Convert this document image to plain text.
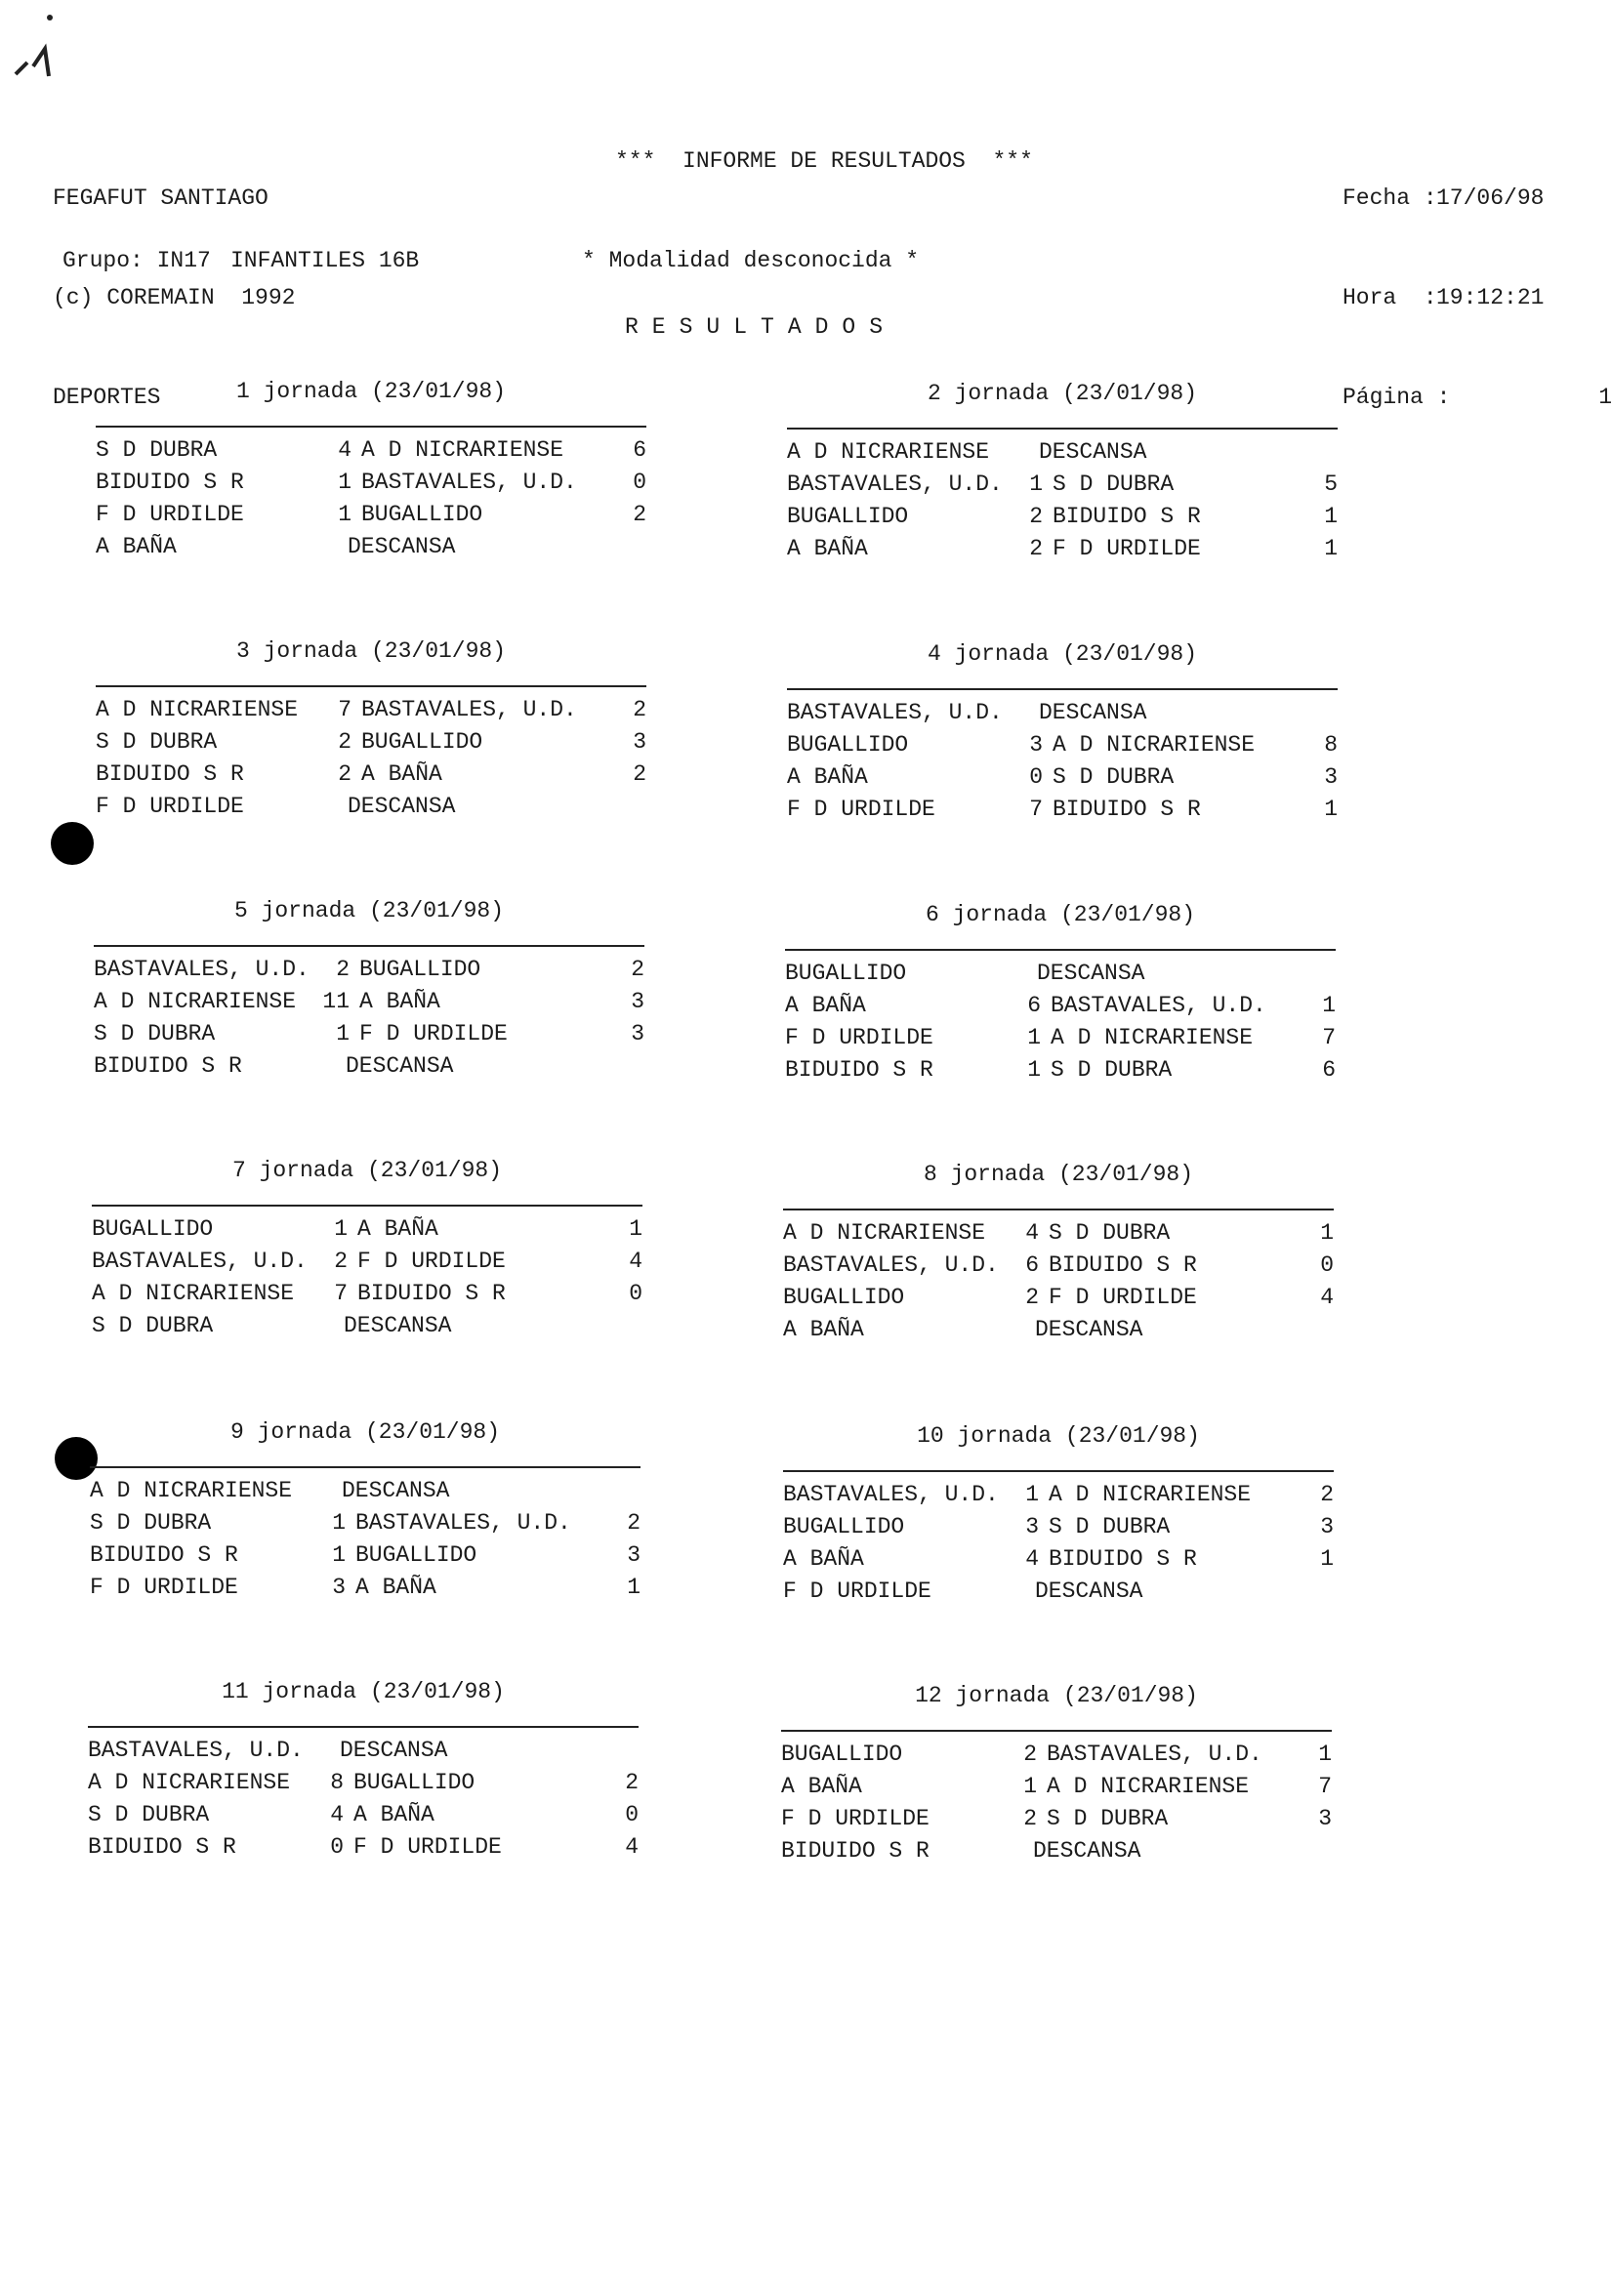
FEGAFUT SANTIAGO

(c) COREMAIN  1992

DEPORTES

***  INFORME DE RESULTADOS  ***

Fecha : 17/06/98

Hora  : 19:12:21

Página :	1

Grupo: IN17 INFANTILES 16B	* Modalidad desconocida *
RESULTADOS
1 jornada (23/01/98)
S D DUBRA	4 A D NICRARIENSE	6
BIDUIDO S R	1 BASTAVALES, U.D.	0
F D URDILDE	1 BUGALLIDO	2
A BAÑA	DESCANSA
2 jornada (23/01/98)
A D NICRARIENSE DESCANSA
BASTAVALES, U.D.	1 S D DUBRA	5
BUGALLIDO	2 BIDUIDO S R	1
A BAÑA	2 F D URDILDE	1
3 jornada (23/01/98)
A D NICRARIENSE	7 BASTAVALES, U.D.	2
S D DUBRA	2 BUGALLIDO	3
BIDUIDO S R	2 A BAÑA	2
F D URDILDE	DESCANSA
4 jornada (23/01/98)
BASTAVALES, U.D. DESCANSA
BUGALLIDO	3 A D NICRARIENSE	8
A BAÑA	0 S D DUBRA	3
F D URDILDE	7 BIDUIDO S R	1
5 jornada (23/01/98)
BASTAVALES, U.D.	2 BUGALLIDO	2
A D NICRARIENSE 11 A BAÑA	3
S D DUBRA	1 F D URDILDE	3
BIDUIDO S R	DESCANSA
6 jornada (23/01/98)
BUGALLIDO	DESCANSA
A BAÑA	6 BASTAVALES, U.D.	1
F D URDILDE	1 A D NICRARIENSE	7
BIDUIDO S R	1 S D DUBRA	6
7 jornada (23/01/98)
BUGALLIDO	1 A BAÑA	1
BASTAVALES, U.D.	2 F D URDILDE	4
A D NICRARIENSE	7 BIDUIDO S R	0
S D DUBRA	DESCANSA
8 jornada (23/01/98)
A D NICRARIENSE	4 S D DUBRA	1
BASTAVALES, U.D.	6 BIDUIDO S R	0
BUGALLIDO	2 F D URDILDE	4
A BAÑA	DESCANSA
9 jornada (23/01/98)
A D NICRARIENSE DESCANSA
S D DUBRA	1 BASTAVALES, U.D.	2
BIDUIDO S R	1 BUGALLIDO	3
F D URDILDE	3 A BAÑA	1
10 jornada (23/01/98)
BASTAVALES, U.D.	1 A D NICRARIENSE	2
BUGALLIDO	3 S D DUBRA	3
A BAÑA	4 BIDUIDO S R	1
F D URDILDE	DESCANSA
11 jornada (23/01/98)
BASTAVALES, U.D. DESCANSA
A D NICRARIENSE	8 BUGALLIDO	2
S D DUBRA	4 A BAÑA	0
BIDUIDO S R	0 F D URDILDE	4
12 jornada (23/01/98)
BUGALLIDO	2 BASTAVALES, U.D.	1
A BAÑA	1 A D NICRARIENSE	7
F D URDILDE	2 S D DUBRA	3
BIDUIDO S R	DESCANSA
